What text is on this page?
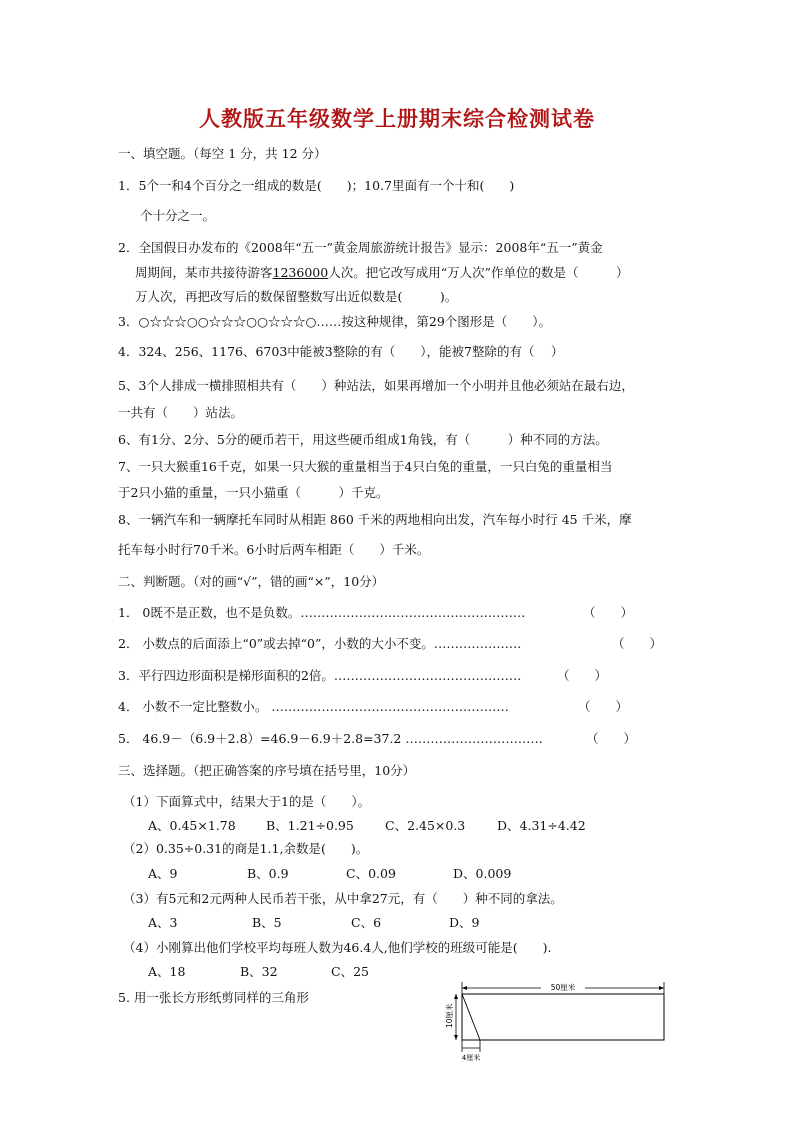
人教版五年级数学上册期末综合检测试卷
一、填空题。（每空 1 分，共 12 分）
1．5个一和4个百分之一组成的数是(　　)；10.7里面有一个十和(　　)
个十分之一。
2．全国假日办发布的《2008年“五一”黄金周旅游统计报告》显示：2008年“五一”黄金
周期间，某市共接待游客1236000人次。把它改写成用“万人次”作单位的数是（　　　）
万人次，再把改写后的数保留整数写出近似数是(　　　)。
3．○☆☆☆○○☆☆☆○○☆☆☆○……按这种规律，第29个图形是（　　）。
4．324、256、1176、6703中能被3整除的有（　　），能被7整除的有（　 ）
5、3个人排成一横排照相共有（　　）种站法，如果再增加一个小明并且他必须站在最右边，
一共有（　　）站法。
6、有1分、2分、5分的硬币若干，用这些硬币组成1角钱，有（　　　）种不同的方法。
7、一只大猴重16千克，如果一只大猴的重量相当于4只白兔的重量，一只白兔的重量相当
于2只小猫的重量，一只小猫重（　　　）千克。
8、一辆汽车和一辆摩托车同时从相距 860 千米的两地相向出发，汽车每小时行 45 千米，摩
托车每小时行70千米。6小时后两车相距（　　）千米。
二、判断题。（对的画“√”，错的画“×”，10分）
1． 0既不是正数，也不是负数。………………………………………………	（　　）
2． 小数点的后面添上“0”或去掉“0”，小数的大小不变。…………………	（　　）
3．平行四边形面积是梯形面积的2倍。………………………………………	（　　）
4． 小数不一定比整数小。 …………………………………………………	（　　）
5． 46.9－（6.9＋2.8）=46.9－6.9＋2.8=37.2 ……………………………	（　　）
三、选择题。（把正确答案的序号填在括号里，10分）
（1）下面算式中，结果大于1的是（　　）。
A、0.45×1.78 B、1.21÷0.95 C、2.45×0.3	D、4.31÷4.42
（2）0.35÷0.31的商是1.1,余数是(　　)。
A、9	B、0.9	C、0.09	D、0.009
（3）有5元和2元两种人民币若干张，从中拿27元，有（　　）种不同的拿法。
A、3	B、5	C、6	D、9
（4）小刚算出他们学校平均每班人数为46.4人,他们学校的班级可能是(　　).
A、18	B、32	C、25
5. 用一张长方形纸剪同样的三角形
50厘米
10厘米
4厘米
